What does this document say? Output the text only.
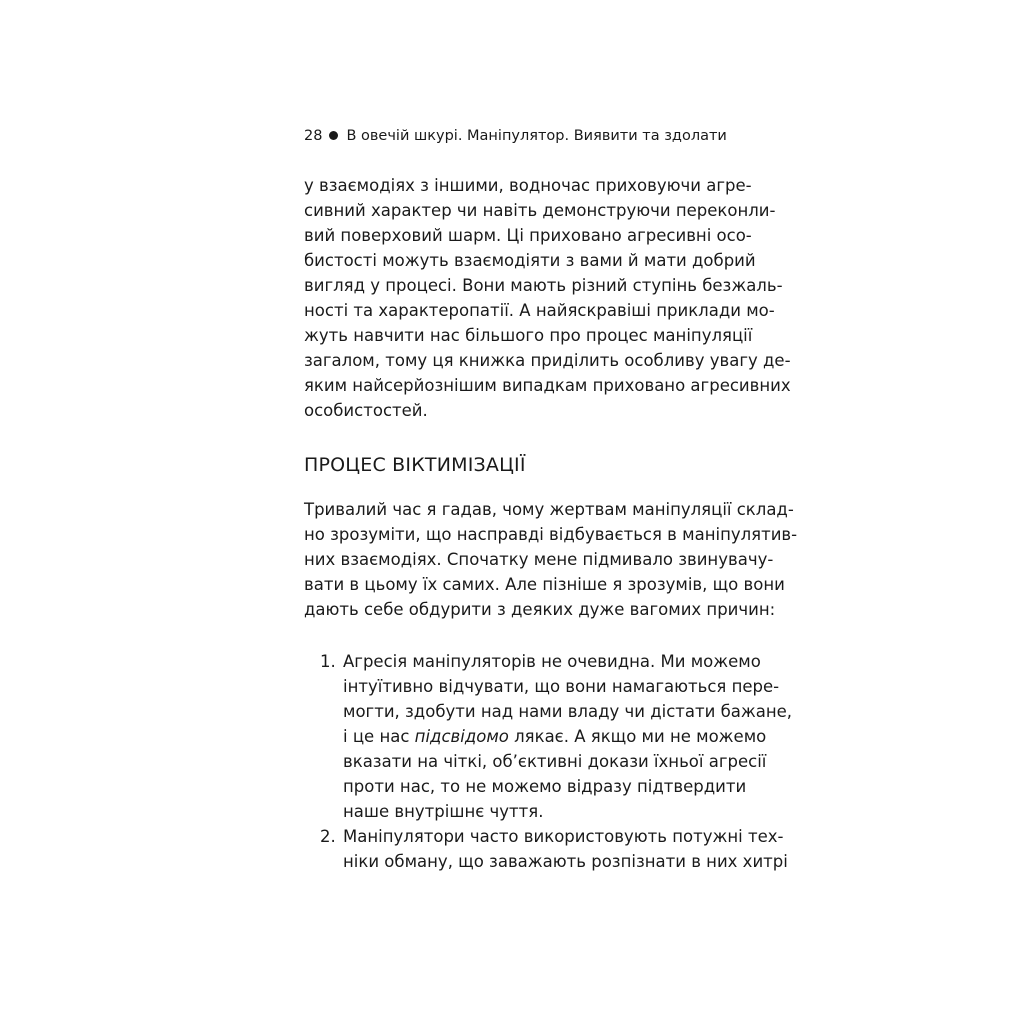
28 В овечій шкурі. Маніпулятор. Виявити та здолати
у взаємодіях з іншими, водночас приховуючи агре-
сивний характер чи навіть демонструючи переконли-
вий поверховий шарм. Ці приховано агресивні осо-
бистості можуть взаємодіяти з вами й мати добрий
вигляд у процесі. Вони мають різний ступінь безжаль-
ності та характеропатії. А найяскравіші приклади мо-
жуть навчити нас більшого про процес маніпуляції
загалом, тому ця книжка приділить особливу увагу де-
яким найсерйознішим випадкам приховано агресивних
особистостей.
ПРОЦЕС ВІКТИМІЗАЦІЇ
Тривалий час я гадав, чому жертвам маніпуляції склад-
но зрозуміти, що насправді відбувається в маніпулятив-
них взаємодіях. Спочатку мене підмивало звинувачу-
вати в цьому їх самих. Але пізніше я зрозумів, що вони
дають себе обдурити з деяких дуже вагомих причин:
1. Агресія маніпуляторів не очевидна. Ми можемо
інтуїтивно відчувати, що вони намагаються пере-
могти, здобути над нами владу чи дістати бажане,
і це нас підсвідомо лякає. А якщо ми не можемо
вказати на чіткі, об’єктивні докази їхньої агресії
проти нас, то не можемо відразу підтвердити
наше внутрішнє чуття.
2. Маніпулятори часто використовують потужні тех-
ніки обману, що заважають розпізнати в них хитрі
